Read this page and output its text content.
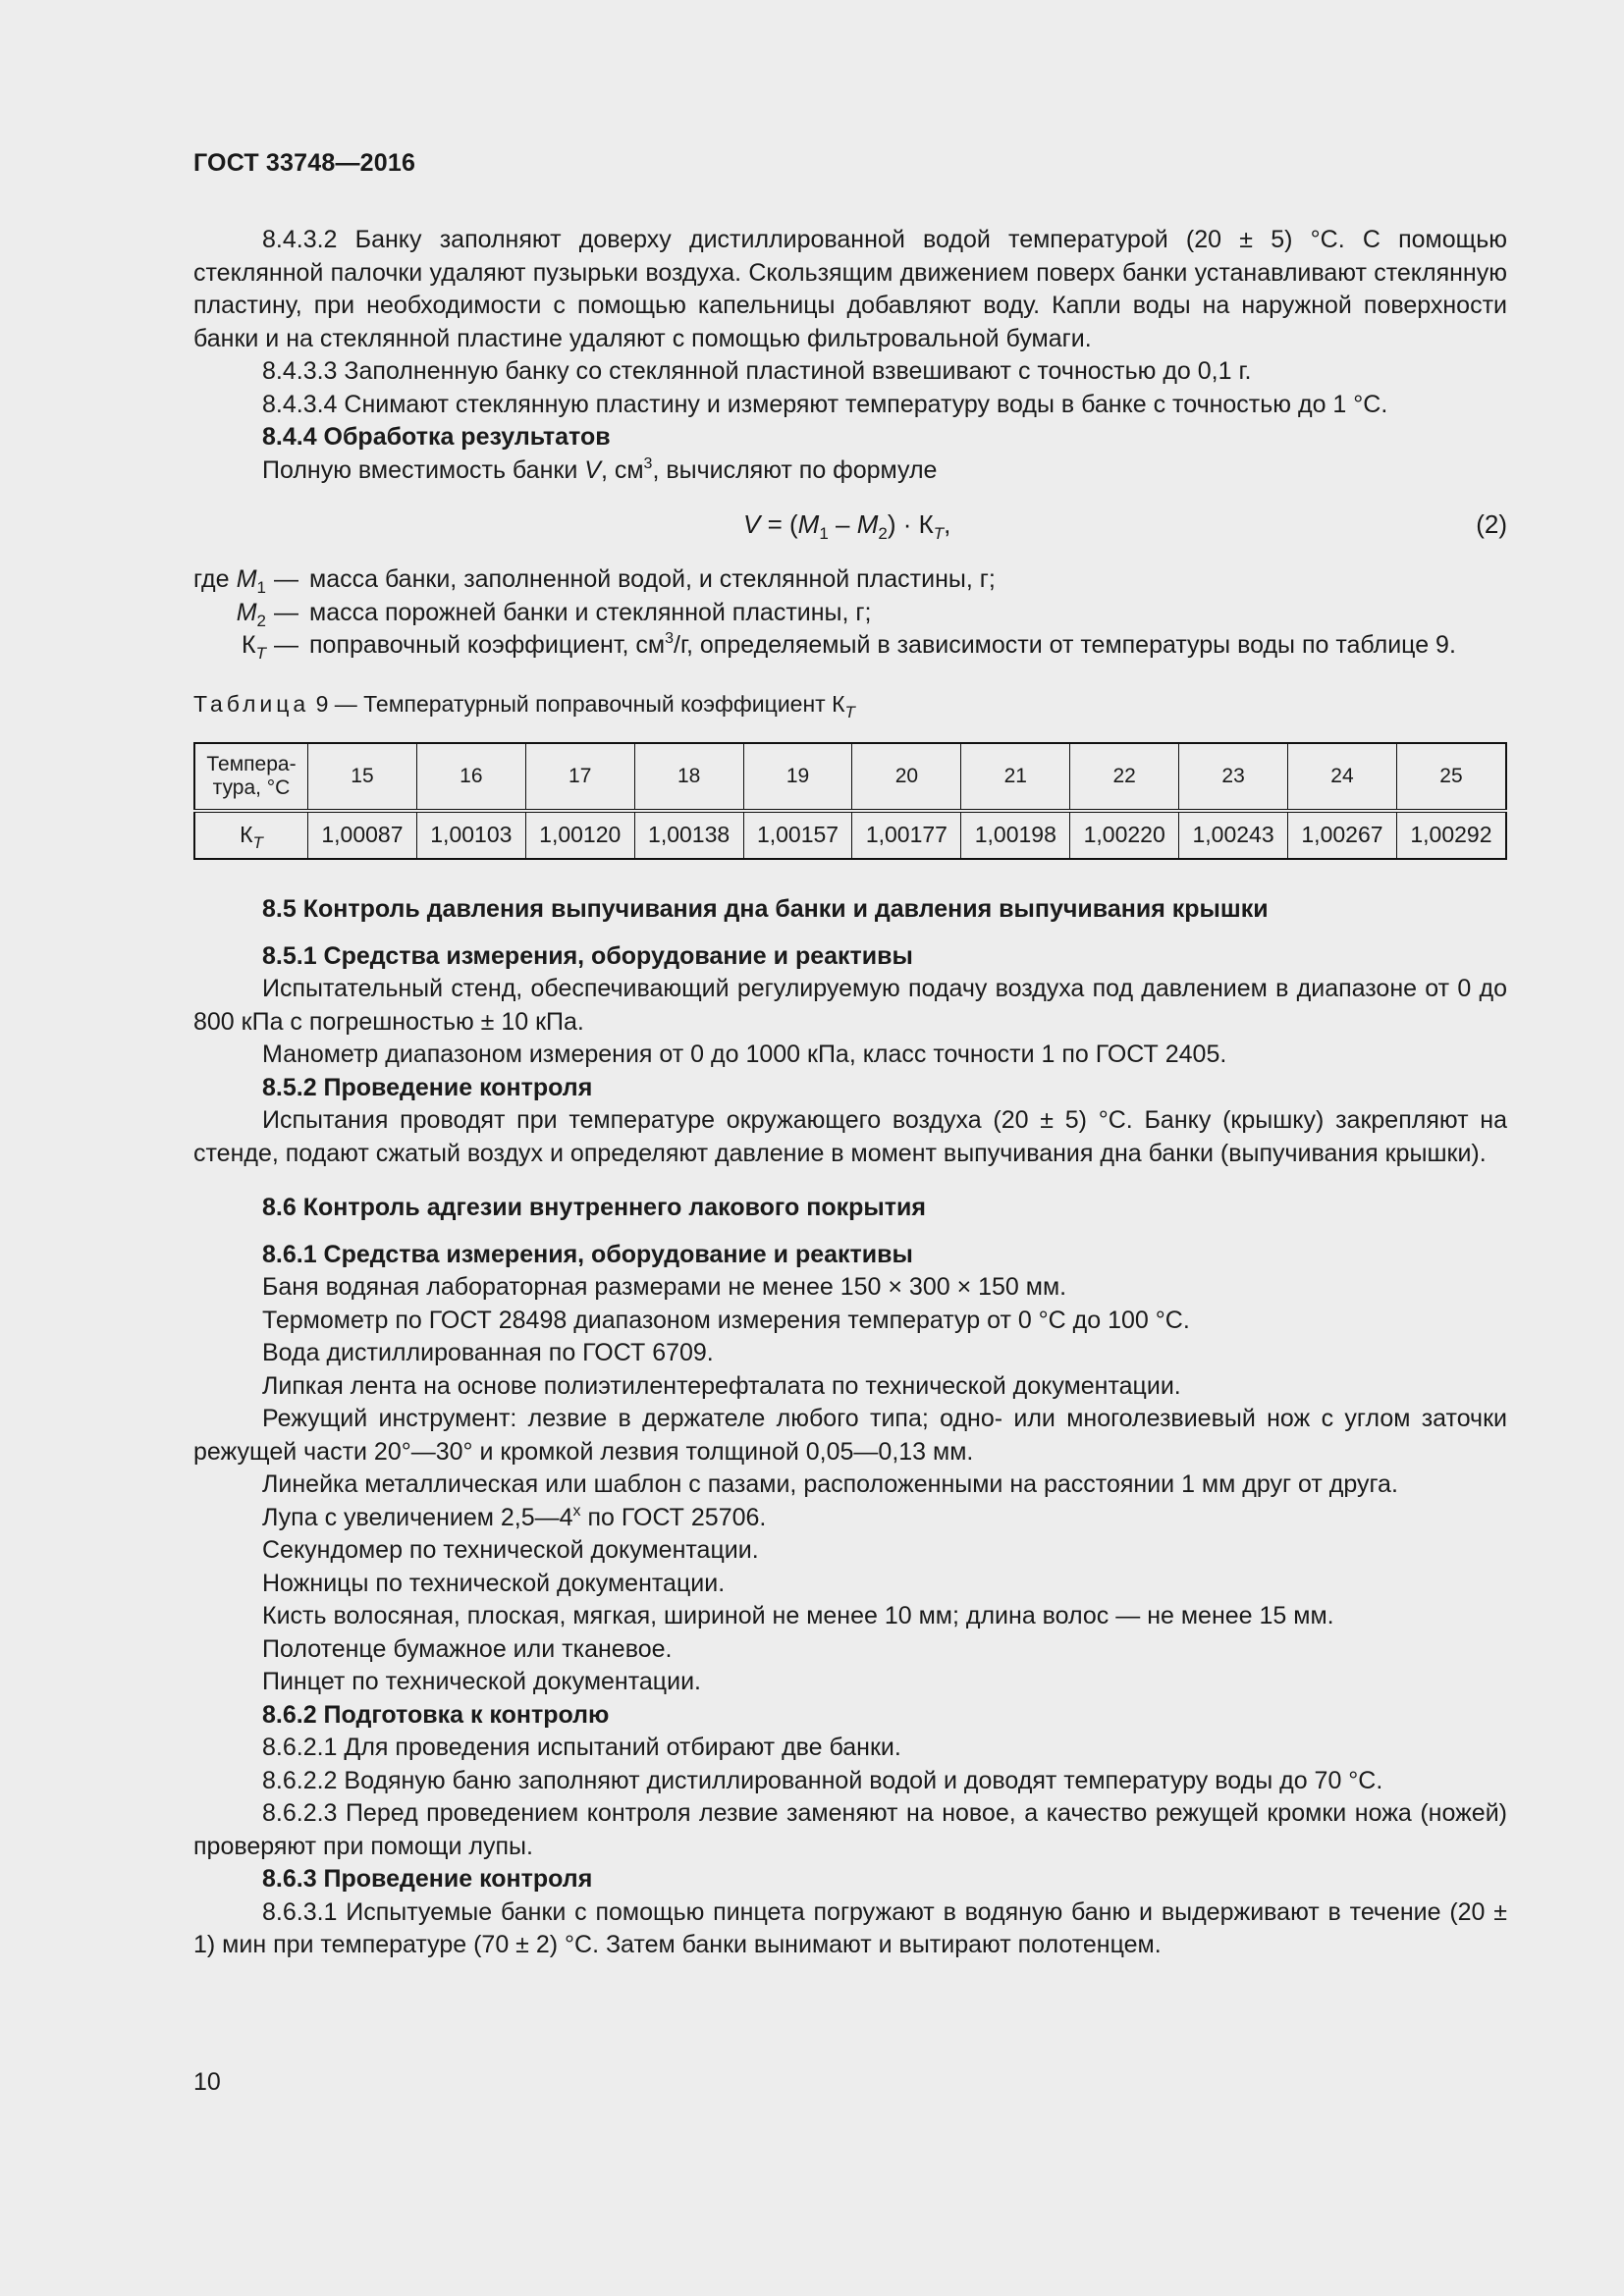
ГОСТ 33748—2016

8.4.3.2 Банку заполняют доверху дистиллированной водой температурой (20 ± 5) °С. С помощью стеклянной палочки удаляют пузырьки воздуха. Скользящим движением поверх банки устанавливают стеклянную пластину, при необходимости с помощью капельницы добавляют воду. Капли воды на наружной поверхности банки и на стеклянной пластине удаляют с помощью фильтровальной бумаги.

8.4.3.3 Заполненную банку со стеклянной пластиной взвешивают с точностью до 0,1 г.

8.4.3.4 Снимают стеклянную пластину и измеряют температуру воды в банке с точностью до 1 °С.

8.4.4 Обработка результатов

Полную вместимость банки V, $см^3$, вычисляют по формуле

$V = (M_1 - M_2) \cdot К_T$,	(2)
где $M_1$ — масса банки, заполненной водой, и стеклянной пластины, г;
$M_2$ — масса порожней банки и стеклянной пластины, г;
$К_T$ — поправочный коэффициент, $см^3/г$, определяемый в зависимости от температуры воды по таблице 9.
Таблица 9 — Температурный поправочный коэффициент $К_T$
Темпера-тура, °С	15	16	17	18	19	20	21	22	23	24	25
$К_T$	1,00087	1,00103	1,00120	1,00138	1,00157	1,00177	1,00198	1,00220	1,00243	1,00267	1,00292

8.5 Контроль давления выпучивания дна банки и давления выпучивания крышки

8.5.1 Средства измерения, оборудование и реактивы

Испытательный стенд, обеспечивающий регулируемую подачу воздуха под давлением в диапазоне от 0 до 800 кПа с погрешностью ± 10 кПа.

Манометр диапазоном измерения от 0 до 1000 кПа, класс точности 1 по ГОСТ 2405.

8.5.2 Проведение контроля

Испытания проводят при температуре окружающего воздуха (20 ± 5) °С. Банку (крышку) закрепляют на стенде, подают сжатый воздух и определяют давление в момент выпучивания дна банки (выпучивания крышки).

8.6 Контроль адгезии внутреннего лакового покрытия

8.6.1 Средства измерения, оборудование и реактивы

Баня водяная лабораторная размерами не менее 150 × 300 × 150 мм.

Термометр по ГОСТ 28498 диапазоном измерения температур от 0 °С до 100 °С.

Вода дистиллированная по ГОСТ 6709.

Липкая лента на основе полиэтилентерефталата по технической документации.

Режущий инструмент: лезвие в держателе любого типа; одно- или многолезвиевый нож с углом заточки режущей части 20°—30° и кромкой лезвия толщиной 0,05—0,13 мм.

Линейка металлическая или шаблон с пазами, расположенными на расстоянии 1 мм друг от друга.

Лупа с увеличением $2,5—4^х$ по ГОСТ 25706.

Секундомер по технической документации.

Ножницы по технической документации.

Кисть волосяная, плоская, мягкая, шириной не менее 10 мм; длина волос — не менее 15 мм.

Полотенце бумажное или тканевое.

Пинцет по технической документации.

8.6.2 Подготовка к контролю

8.6.2.1 Для проведения испытаний отбирают две банки.

8.6.2.2 Водяную баню заполняют дистиллированной водой и доводят температуру воды до 70 °С.

8.6.2.3 Перед проведением контроля лезвие заменяют на новое, а качество режущей кромки ножа (ножей) проверяют при помощи лупы.

8.6.3 Проведение контроля

8.6.3.1 Испытуемые банки с помощью пинцета погружают в водяную баню и выдерживают в течение (20 ± 1) мин при температуре (70 ± 2) °С. Затем банки вынимают и вытирают полотенцем.

10
